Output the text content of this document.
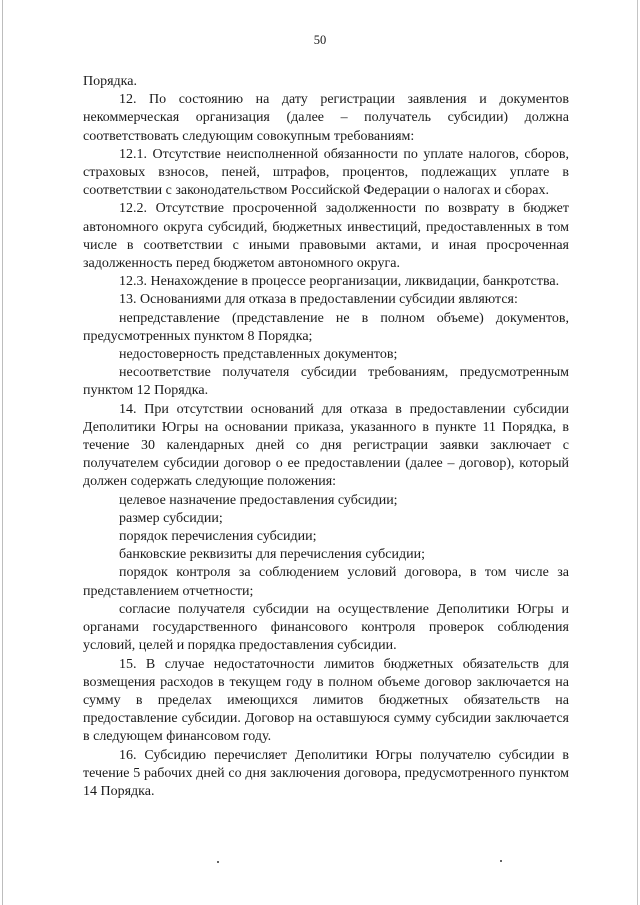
50

Порядка.

12. По состоянию на дату регистрации заявления и документов некоммерческая организация (далее – получатель субсидии) должна соответствовать следующим совокупным требованиям:

12.1. Отсутствие неисполненной обязанности по уплате налогов, сборов, страховых взносов, пеней, штрафов, процентов, подлежащих уплате в соответствии с законодательством Российской Федерации о налогах и сборах.

12.2. Отсутствие просроченной задолженности по возврату в бюджет автономного округа субсидий, бюджетных инвестиций, предоставленных в том числе в соответствии с иными правовыми актами, и иная просроченная задолженность перед бюджетом автономного округа.

12.3. Ненахождение в процессе реорганизации, ликвидации, банкротства.

13. Основаниями для отказа в предоставлении субсидии являются:

непредставление (представление не в полном объеме) документов, предусмотренных пунктом 8 Порядка;

недостоверность представленных документов;

несоответствие получателя субсидии требованиям, предусмотренным пунктом 12 Порядка.

14. При отсутствии оснований для отказа в предоставлении субсидии Деполитики Югры на основании приказа, указанного в пункте 11 Порядка, в течение 30 календарных дней со дня регистрации заявки заключает с получателем субсидии договор о ее предоставлении (далее – договор), который должен содержать следующие положения:

целевое назначение предоставления субсидии;

размер субсидии;

порядок перечисления субсидии;

банковские реквизиты для перечисления субсидии;

порядок контроля за соблюдением условий договора, в том числе за представлением отчетности;

согласие получателя субсидии на осуществление Деполитики Югры и органами государственного финансового контроля проверок соблюдения условий, целей и порядка предоставления субсидии.

15. В случае недостаточности лимитов бюджетных обязательств для возмещения расходов в текущем году в полном объеме договор заключается на сумму в пределах имеющихся лимитов бюджетных обязательств на предоставление субсидии. Договор на оставшуюся сумму субсидии заключается в следующем финансовом году.

16. Субсидию перечисляет Деполитики Югры получателю субсидии в течение 5 рабочих дней со дня заключения договора, предусмотренного пунктом 14 Порядка.
